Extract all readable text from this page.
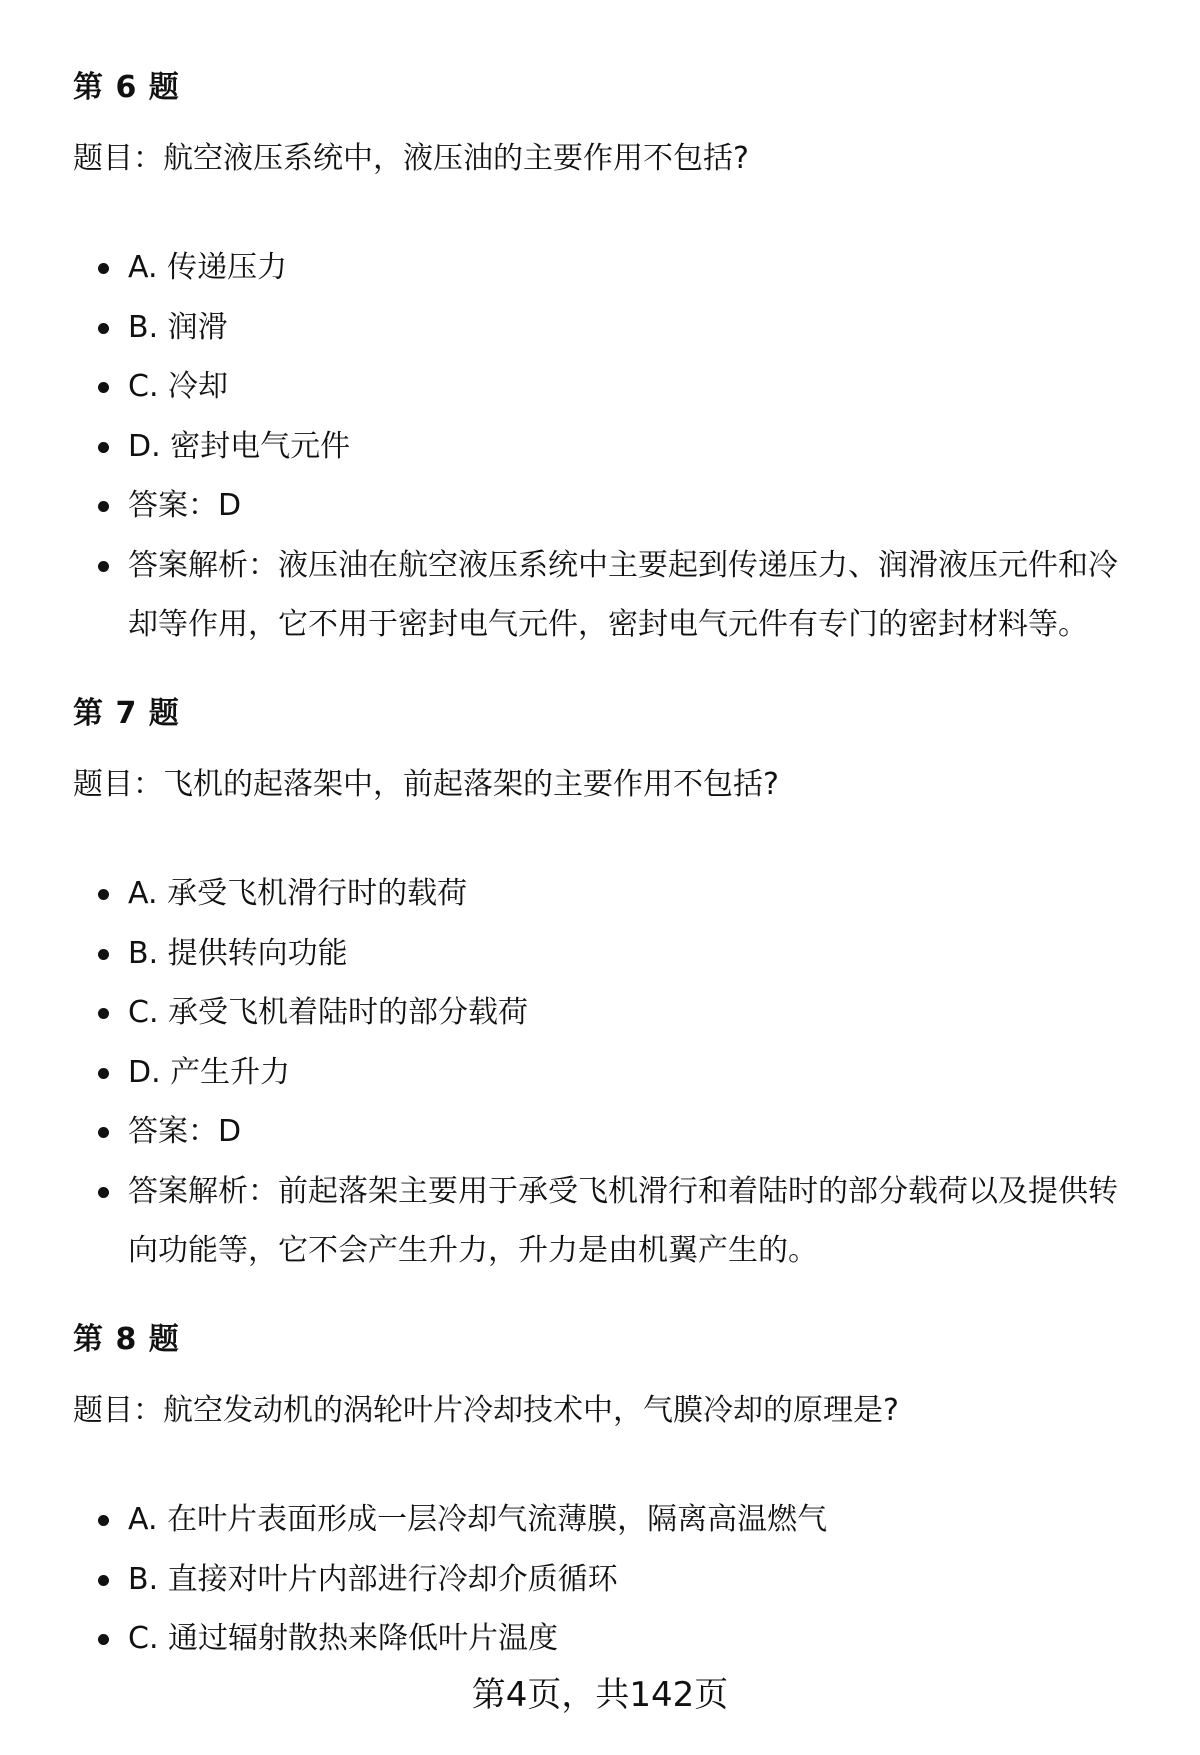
第 6 题

题目：航空液压系统中，液压油的主要作用不包括?

A. 传递压力
B. 润滑
C. 冷却
D. 密封电气元件
答案：D
答案解析：液压油在航空液压系统中主要起到传递压力、润滑液压元件和冷却等作用，它不用于密封电气元件，密封电气元件有专门的密封材料等。
第 7 题

题目：飞机的起落架中，前起落架的主要作用不包括?

A. 承受飞机滑行时的载荷
B. 提供转向功能
C. 承受飞机着陆时的部分载荷
D. 产生升力
答案：D
答案解析：前起落架主要用于承受飞机滑行和着陆时的部分载荷以及提供转向功能等，它不会产生升力，升力是由机翼产生的。
第 8 题

题目：航空发动机的涡轮叶片冷却技术中，气膜冷却的原理是?

A. 在叶片表面形成一层冷却气流薄膜，隔离高温燃气
B. 直接对叶片内部进行冷却介质循环
C. 通过辐射散热来降低叶片温度
第4页，共142页
